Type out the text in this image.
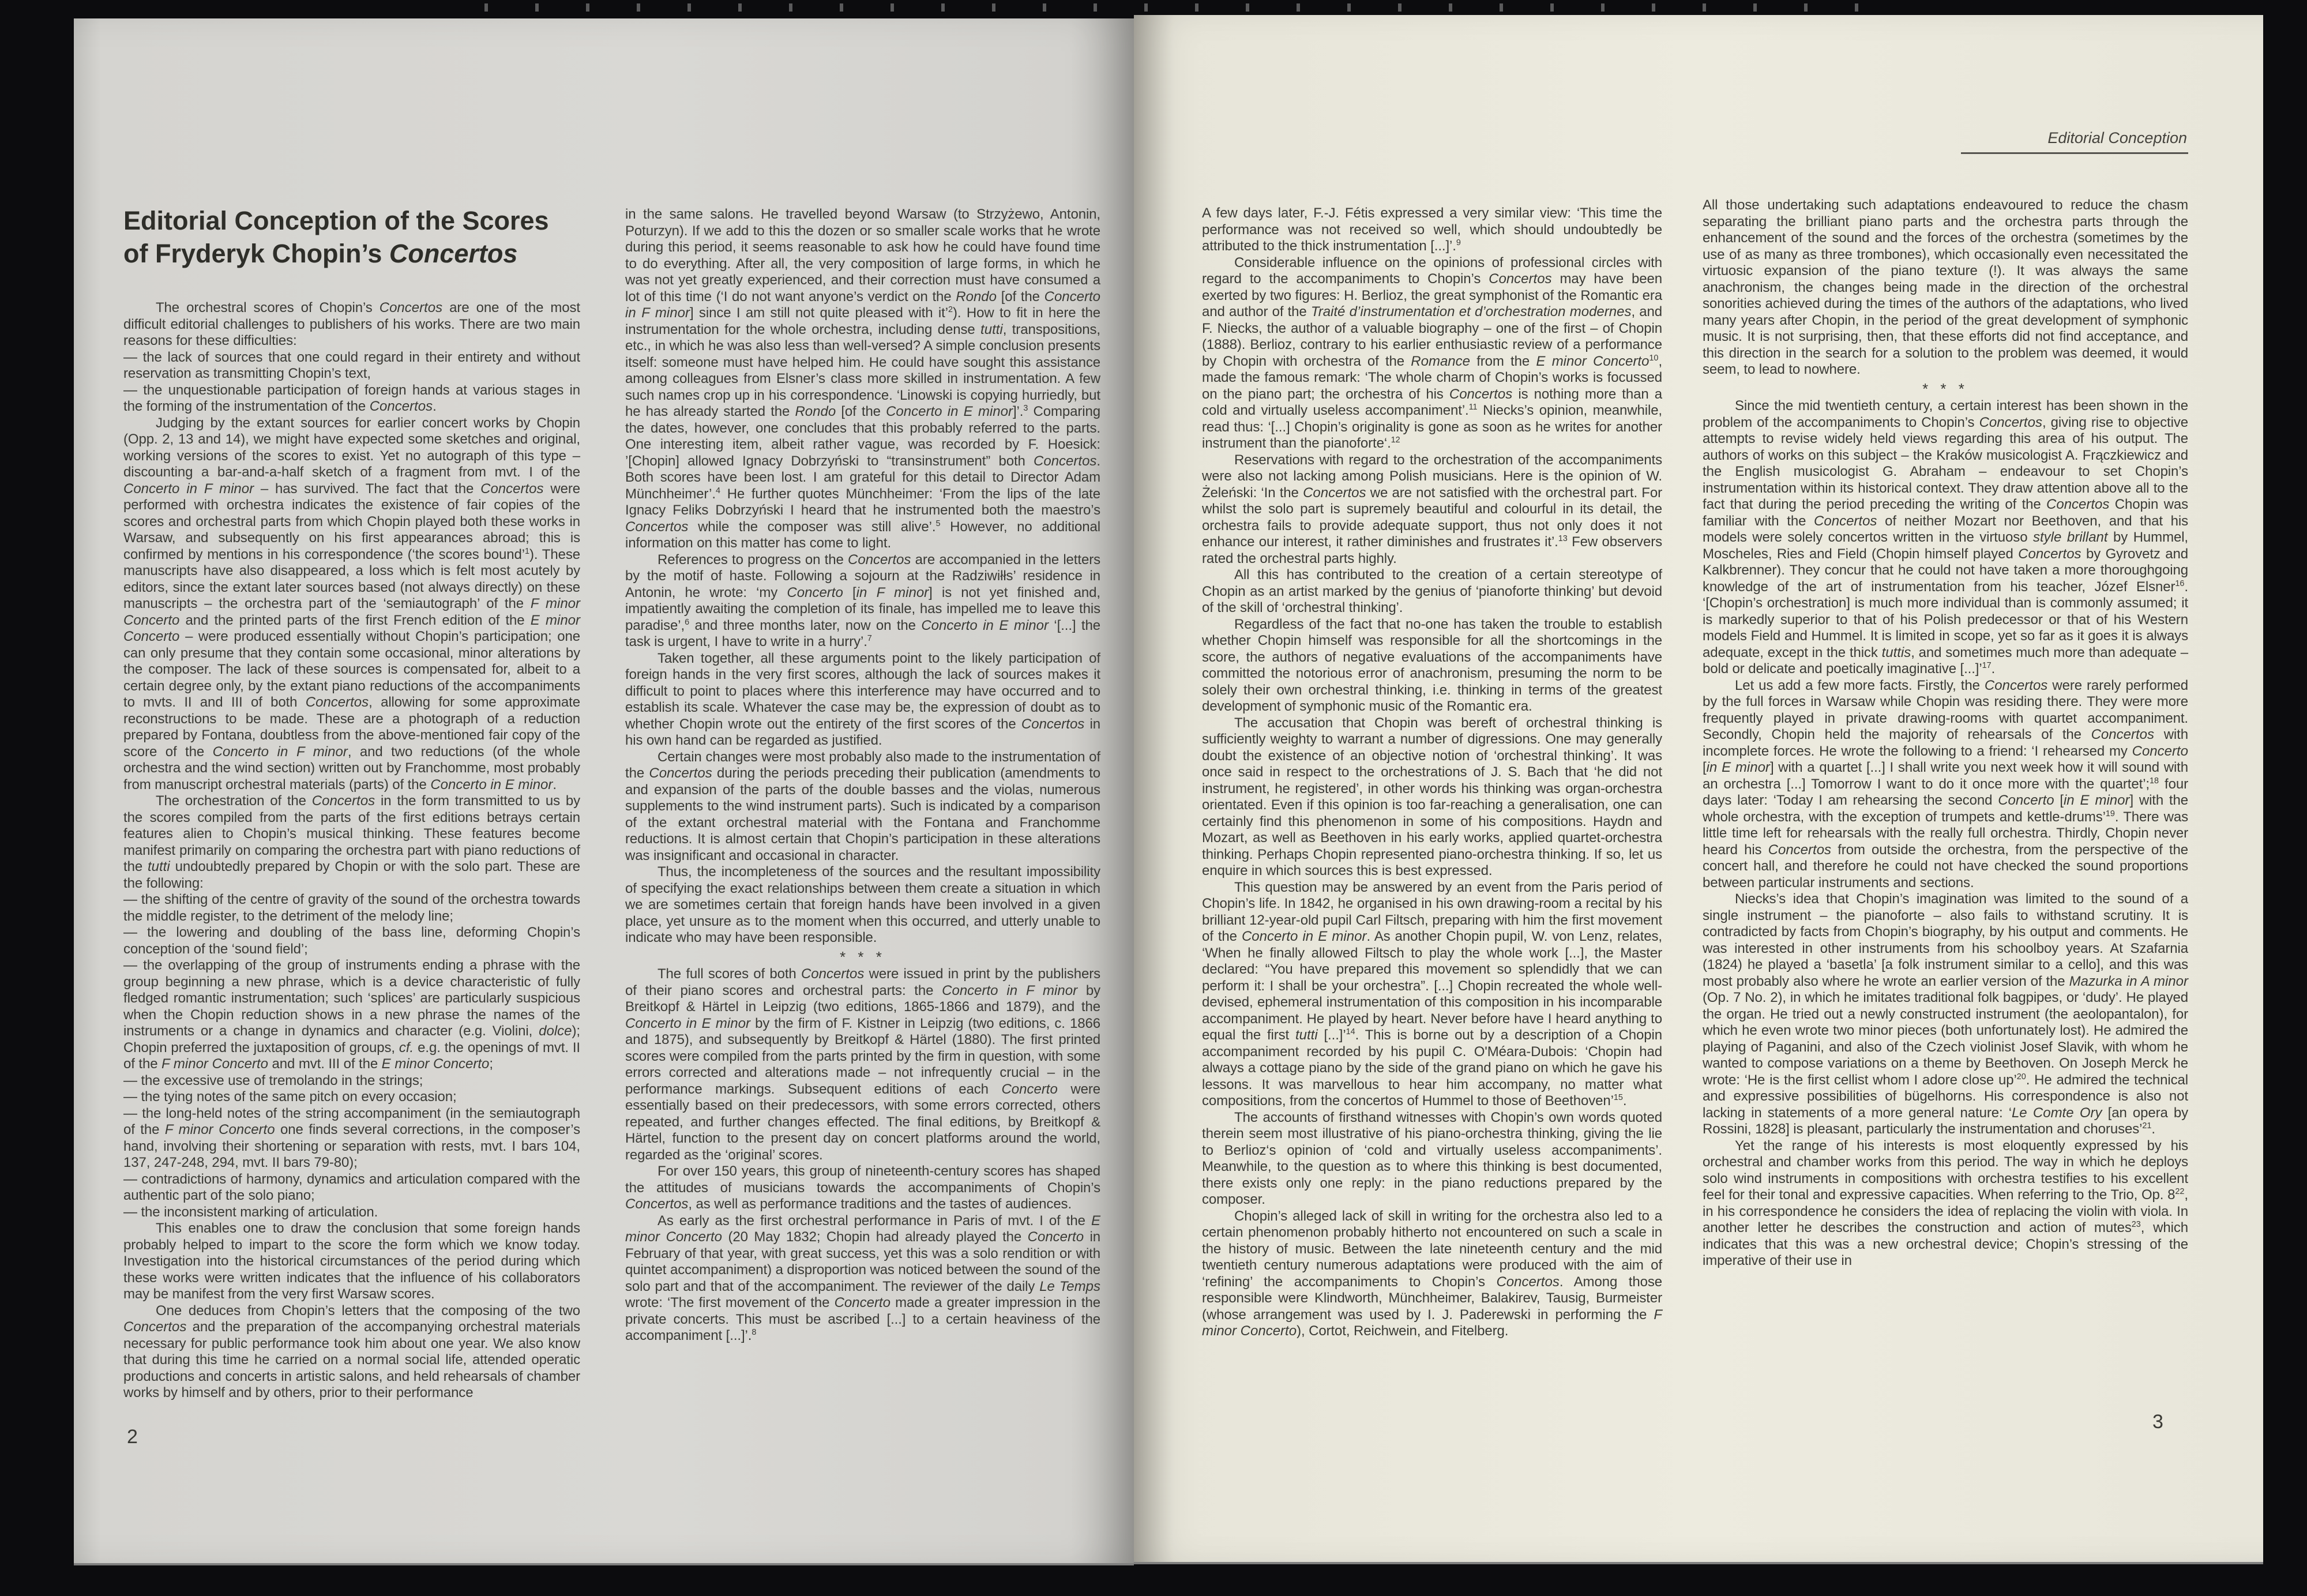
Editorial Conception of the Scores
of Fryderyk Chopin’s Concertos

The orchestral scores of Chopin’s Concertos are one of the most difficult editorial challenges to publishers of his works. There are two main reasons for these difficulties:

— the lack of sources that one could regard in their entirety and without reservation as transmitting Chopin’s text,

— the unquestionable participation of foreign hands at various stages in the forming of the instrumentation of the Concertos.

Judging by the extant sources for earlier concert works by Chopin (Opp. 2, 13 and 14), we might have expected some sketches and original, working versions of the scores to exist. Yet no autograph of this type – discounting a bar-and-a-half sketch of a fragment from mvt. I of the Concerto in F minor – has survived. The fact that the Concertos were performed with orchestra indicates the existence of fair copies of the scores and orchestral parts from which Chopin played both these works in Warsaw, and subsequently on his first appearances abroad; this is confirmed by mentions in his correspondence (‘the scores bound’$^1$). These manuscripts have also disappeared, a loss which is felt most acutely by editors, since the extant later sources based (not always directly) on these manuscripts – the orchestra part of the ‘semiautograph’ of the F minor Concerto and the printed parts of the first French edition of the E minor Concerto – were produced essentially without Chopin’s participation; one can only presume that they contain some occasional, minor alterations by the composer. The lack of these sources is compensated for, albeit to a certain degree only, by the extant piano reductions of the accompaniments to mvts. II and III of both Concertos, allowing for some approximate reconstructions to be made. These are a photograph of a reduction prepared by Fontana, doubtless from the above-mentioned fair copy of the score of the Concerto in F minor, and two reductions (of the whole orchestra and the wind section) written out by Franchomme, most probably from manuscript orchestral materials (parts) of the Concerto in E minor.

The orchestration of the Concertos in the form transmitted to us by the scores compiled from the parts of the first editions betrays certain features alien to Chopin’s musical thinking. These features become manifest primarily on comparing the orchestra part with piano reductions of the tutti undoubtedly prepared by Chopin or with the solo part. These are the following:

— the shifting of the centre of gravity of the sound of the orchestra towards the middle register, to the detriment of the melody line;

— the lowering and doubling of the bass line, deforming Chopin’s conception of the ‘sound field’;

— the overlapping of the group of instruments ending a phrase with the group beginning a new phrase, which is a device characteristic of fully fledged romantic instrumentation; such ‘splices’ are particularly suspicious when the Chopin reduction shows in a new phrase the names of the instruments or a change in dynamics and character (e.g. Violini, dolce); Chopin preferred the juxtaposition of groups, cf. e.g. the openings of mvt. II of the F minor Concerto and mvt. III of the E minor Concerto;

— the excessive use of tremolando in the strings;

— the tying notes of the same pitch on every occasion;

— the long-held notes of the string accompaniment (in the semiautograph of the F minor Concerto one finds several corrections, in the composer’s hand, involving their shortening or separation with rests, mvt. I bars 104, 137, 247-248, 294, mvt. II bars 79-80);

— contradictions of harmony, dynamics and articulation compared with the authentic part of the solo piano;

— the inconsistent marking of articulation.

This enables one to draw the conclusion that some foreign hands probably helped to impart to the score the form which we know today. Investigation into the historical circumstances of the period during which these works were written indicates that the influence of his collaborators may be manifest from the very first Warsaw scores.

One deduces from Chopin’s letters that the composing of the two Concertos and the preparation of the accompanying orchestral materials necessary for public performance took him about one year. We also know that during this time he carried on a normal social life, attended operatic productions and concerts in artistic salons, and held rehearsals of chamber works by himself and by others, prior to their performance

in the same salons. He travelled beyond Warsaw (to Strzyżewo, Antonin, Poturzyn). If we add to this the dozen or so smaller scale works that he wrote during this period, it seems reasonable to ask how he could have found time to do everything. After all, the very composition of large forms, in which he was not yet greatly experienced, and their correction must have consumed a lot of this time (‘I do not want anyone’s verdict on the Rondo [of the Concerto in F minor] since I am still not quite pleased with it’$^2$). How to fit in here the instrumentation for the whole orchestra, including dense tutti, transpositions, etc., in which he was also less than well-versed? A simple conclusion presents itself: someone must have helped him. He could have sought this assistance among colleagues from Elsner’s class more skilled in instrumentation. A few such names crop up in his correspondence. ‘Linowski is copying hurriedly, but he has already started the Rondo [of the Concerto in E minor]’.$^3$ Comparing the dates, however, one concludes that this probably referred to the parts. One interesting item, albeit rather vague, was recorded by F. Hoesick: ’[Chopin] allowed Ignacy Dobrzyński to “transinstrument” both Concertos. Both scores have been lost. I am grateful for this detail to Director Adam Münchheimer’.$^4$ He further quotes Münchheimer: ‘From the lips of the late Ignacy Feliks Dobrzyński I heard that he instrumented both the maestro’s Concertos while the composer was still alive’.$^5$ However, no additional information on this matter has come to light.

References to progress on the Concertos are accompanied in the letters by the motif of haste. Following a sojourn at the Radziwiłłs’ residence in Antonin, he wrote: ‘my Concerto [in F minor] is not yet finished and, impatiently awaiting the completion of its finale, has impelled me to leave this paradise’,$^6$ and three months later, now on the Concerto in E minor ‘[...] the task is urgent, I have to write in a hurry’.$^7$

Taken together, all these arguments point to the likely participation of foreign hands in the very first scores, although the lack of sources makes it difficult to point to places where this interference may have occurred and to establish its scale. Whatever the case may be, the expression of doubt as to whether Chopin wrote out the entirety of the first scores of the Concertos in his own hand can be regarded as justified.

Certain changes were most probably also made to the instrumentation of the Concertos during the periods preceding their publication (amendments to and expansion of the parts of the double basses and the violas, numerous supplements to the wind instrument parts). Such is indicated by a comparison of the extant orchestral material with the Fontana and Franchomme reductions. It is almost certain that Chopin’s participation in these alterations was insignificant and occasional in character.

Thus, the incompleteness of the sources and the resultant impossibility of specifying the exact relationships between them create a situation in which we are sometimes certain that foreign hands have been involved in a given place, yet unsure as to the moment when this occurred, and utterly unable to indicate who may have been responsible.

* * *

The full scores of both Concertos were issued in print by the publishers of their piano scores and orchestral parts: the Concerto in F minor by Breitkopf & Härtel in Leipzig (two editions, 1865-1866 and 1879), and the Concerto in E minor by the firm of F. Kistner in Leipzig (two editions, c. 1866 and 1875), and subsequently by Breitkopf & Härtel (1880). The first printed scores were compiled from the parts printed by the firm in question, with some errors corrected and alterations made – not infrequently crucial – in the performance markings. Subsequent editions of each Concerto were essentially based on their predecessors, with some errors corrected, others repeated, and further changes effected. The final editions, by Breitkopf & Härtel, function to the present day on concert platforms around the world, regarded as the ‘original’ scores.

For over 150 years, this group of nineteenth-century scores has shaped the attitudes of musicians towards the accompaniments of Chopin’s Concertos, as well as performance traditions and the tastes of audiences.

As early as the first orchestral performance in Paris of mvt. I of the E minor Concerto (20 May 1832; Chopin had already played the Concerto in February of that year, with great success, yet this was a solo rendition or with quintet accompaniment) a disproportion was noticed between the sound of the solo part and that of the accompaniment. The reviewer of the daily Le Temps wrote: ‘The first movement of the Concerto made a greater impression in the private concerts. This must be ascribed [...] to a certain heaviness of the accompaniment [...]’.$^8$

2
Editorial Conception

A few days later, F.-J. Fétis expressed a very similar view: ‘This time the performance was not received so well, which should undoubtedly be attributed to the thick instrumentation [...]’.$^9$

Considerable influence on the opinions of professional circles with regard to the accompaniments to Chopin’s Concertos may have been exerted by two figures: H. Berlioz, the great symphonist of the Romantic era and author of the Traité d’instrumentation et d’orchestration modernes, and F. Niecks, the author of a valuable biography – one of the first – of Chopin (1888). Berlioz, contrary to his earlier enthusiastic review of a performance by Chopin with orchestra of the Romance from the E minor Concerto$^{10}$, made the famous remark: ‘The whole charm of Chopin’s works is focussed on the piano part; the orchestra of his Concertos is nothing more than a cold and virtually useless accompaniment’.$^{11}$ Niecks’s opinion, meanwhile, read thus: ‘[...] Chopin’s originality is gone as soon as he writes for another instrument than the pianoforte‘.$^{12}$

Reservations with regard to the orchestration of the accompaniments were also not lacking among Polish musicians. Here is the opinion of W. Żeleński: ‘In the Concertos we are not satisfied with the orchestral part. For whilst the solo part is supremely beautiful and colourful in its detail, the orchestra fails to provide adequate support, thus not only does it not enhance our interest, it rather diminishes and frustrates it’.$^{13}$ Few observers rated the orchestral parts highly.

All this has contributed to the creation of a certain stereotype of Chopin as an artist marked by the genius of ‘pianoforte thinking’ but devoid of the skill of ‘orchestral thinking’.

Regardless of the fact that no-one has taken the trouble to establish whether Chopin himself was responsible for all the shortcomings in the score, the authors of negative evaluations of the accompaniments have committed the notorious error of anachronism, presuming the norm to be solely their own orchestral thinking, i.e. thinking in terms of the greatest development of symphonic music of the Romantic era.

The accusation that Chopin was bereft of orchestral thinking is sufficiently weighty to warrant a number of digressions. One may generally doubt the existence of an objective notion of ‘orchestral thinking’. It was once said in respect to the orchestrations of J. S. Bach that ‘he did not instrument, he registered’, in other words his thinking was organ-orchestra orientated. Even if this opinion is too far-reaching a generalisation, one can certainly find this phenomenon in some of his compositions. Haydn and Mozart, as well as Beethoven in his early works, applied quartet-orchestra thinking. Perhaps Chopin represented piano-orchestra thinking. If so, let us enquire in which sources this is best expressed.

This question may be answered by an event from the Paris period of Chopin’s life. In 1842, he organised in his own drawing-room a recital by his brilliant 12-year-old pupil Carl Filtsch, preparing with him the first movement of the Concerto in E minor. As another Chopin pupil, W. von Lenz, relates, ‘When he finally allowed Filtsch to play the whole work [...], the Master declared: “You have prepared this movement so splendidly that we can perform it: I shall be your orchestra”. [...] Chopin recreated the whole well-devised, ephemeral instrumentation of this composition in his incomparable accompaniment. He played by heart. Never before have I heard anything to equal the first tutti [...]’$^{14}$. This is borne out by a description of a Chopin accompaniment recorded by his pupil C. O'Méara-Dubois: ‘Chopin had always a cottage piano by the side of the grand piano on which he gave his lessons. It was marvellous to hear him accompany, no matter what compositions, from the concertos of Hummel to those of Beethoven’$^{15}$.

The accounts of firsthand witnesses with Chopin’s own words quoted therein seem most illustrative of his piano-orchestra thinking, giving the lie to Berlioz‘s opinion of ‘cold and virtually useless accompaniments’. Meanwhile, to the question as to where this thinking is best documented, there exists only one reply: in the piano reductions prepared by the composer.

Chopin’s alleged lack of skill in writing for the orchestra also led to a certain phenomenon probably hitherto not encountered on such a scale in the history of music. Between the late nineteenth century and the mid twentieth century numerous adaptations were produced with the aim of ‘refining’ the accompaniments to Chopin’s Concertos. Among those responsible were Klindworth, Münchheimer, Balakirev, Tausig, Burmeister (whose arrangement was used by I. J. Paderewski in performing the F minor Concerto), Cortot, Reichwein, and Fitelberg.

All those undertaking such adaptations endeavoured to reduce the chasm separating the brilliant piano parts and the orchestra parts through the enhancement of the sound and the forces of the orchestra (sometimes by the use of as many as three trombones), which occasionally even necessitated the virtuosic expansion of the piano texture (!). It was always the same anachronism, the changes being made in the direction of the orchestral sonorities achieved during the times of the authors of the adaptations, who lived many years after Chopin, in the period of the great development of symphonic music. It is not surprising, then, that these efforts did not find acceptance, and this direction in the search for a solution to the problem was deemed, it would seem, to lead to nowhere.

* * *

Since the mid twentieth century, a certain interest has been shown in the problem of the accompaniments to Chopin’s Concertos, giving rise to objective attempts to revise widely held views regarding this area of his output. The authors of works on this subject – the Kraków musicologist A. Frączkiewicz and the English musicologist G. Abraham – endeavour to set Chopin’s instrumentation within its historical context. They draw attention above all to the fact that during the period preceding the writing of the Concertos Chopin was familiar with the Concertos of neither Mozart nor Beethoven, and that his models were solely concertos written in the virtuoso style brillant by Hummel, Moscheles, Ries and Field (Chopin himself played Concertos by Gyrovetz and Kalkbrenner). They concur that he could not have taken a more thoroughgoing knowledge of the art of instrumentation from his teacher, Józef Elsner$^{16}$. ‘[Chopin’s orchestration] is much more individual than is commonly assumed; it is markedly superior to that of his Polish predecessor or that of his Western models Field and Hummel. It is limited in scope, yet so far as it goes it is always adequate, except in the thick tuttis, and sometimes much more than adequate – bold or delicate and poetically imaginative [...]’$^{17}$.

Let us add a few more facts. Firstly, the Concertos were rarely performed by the full forces in Warsaw while Chopin was residing there. They were more frequently played in private drawing-rooms with quartet accompaniment. Secondly, Chopin held the majority of rehearsals of the Concertos with incomplete forces. He wrote the following to a friend: ‘I rehearsed my Concerto [in E minor] with a quartet [...] I shall write you next week how it will sound with an orchestra [...] Tomorrow I want to do it once more with the quartet’;$^{18}$ four days later: ‘Today I am rehearsing the second Concerto [in E minor] with the whole orchestra, with the exception of trumpets and kettle-drums’$^{19}$. There was little time left for rehearsals with the really full orchestra. Thirdly, Chopin never heard his Concertos from outside the orchestra, from the perspective of the concert hall, and therefore he could not have checked the sound proportions between particular instruments and sections.

Niecks’s idea that Chopin’s imagination was limited to the sound of a single instrument – the pianoforte – also fails to withstand scrutiny. It is contradicted by facts from Chopin’s biography, by his output and comments. He was interested in other instruments from his schoolboy years. At Szafarnia (1824) he played a ‘basetla’ [a folk instrument similar to a cello], and this was most probably also where he wrote an earlier version of the Mazurka in A minor (Op. 7 No. 2), in which he imitates traditional folk bagpipes, or ‘dudy’. He played the organ. He tried out a newly constructed instrument (the aeolopantalon), for which he even wrote two minor pieces (both unfortunately lost). He admired the playing of Paganini, and also of the Czech violinist Josef Slavik, with whom he wanted to compose variations on a theme by Beethoven. On Joseph Merck he wrote: ‘He is the first cellist whom I adore close up’$^{20}$. He admired the technical and expressive possibilities of bügelhorns. His correspondence is also not lacking in statements of a more general nature: ‘Le Comte Ory [an opera by Rossini, 1828] is pleasant, particularly the instrumentation and choruses’$^{21}$.

Yet the range of his interests is most eloquently expressed by his orchestral and chamber works from this period. The way in which he deploys solo wind instruments in compositions with orchestra testifies to his excellent feel for their tonal and expressive capacities. When referring to the Trio, Op. $8^{22}$, in his correspondence he considers the idea of replacing the violin with viola. In another letter he describes the construction and action of mutes$^{23}$, which indicates that this was a new orchestral device; Chopin’s stressing of the imperative of their use in

3
